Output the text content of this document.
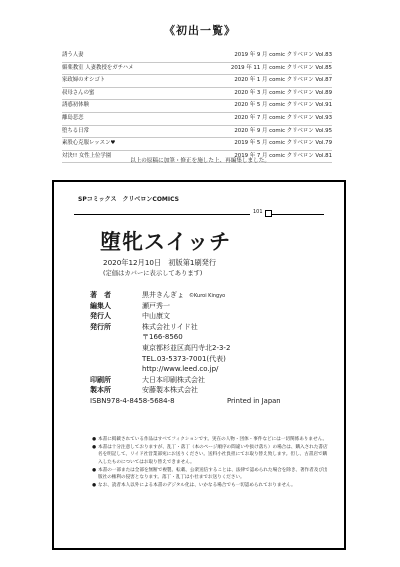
《初出一覧》
誘う人妻	2019 年 9 月 comic クリベロン Vol.83
媚薬教室 人妻教授をガチハメ	2019 年 11 月 comic クリベロン Vol.85
家政婦のオシゴト	2020 年 1 月 comic クリベロン Vol.87
叔母さんの蜜	2020 年 3 月 comic クリベロン Vol.89
誘惑初体験	2020 年 5 月 comic クリベロン Vol.91
離島悲恋	2020 年 7 月 comic クリベロン Vol.93
堕ちる日常	2020 年 9 月 comic クリベロン Vol.95
素股心克服レッスン♥	2019 年 5 月 comic クリベロン Vol.79
対決!! 女性上位学園	2019 年 7 月 comic クリベロン Vol.81
以上の原稿に加筆・修正を施した上、再編集しました。
SPコミックス　クリベロンCOMICS
101
堕牝スイッチ
2020年12月10日　初版第1刷発行
(定価はカバーに表示してあります)
著　者	黒井きんぎょ ©Kuroi Kingyo
編集人	瀬戸秀一
発行人	中山康文
発行所	株式会社リイド社
〒166-8560
東京都杉並区高円寺北2-3-2
TEL.03-5373-7001(代表)
http://www.leed.co.jp/
印刷所	大日本印刷株式会社
製本所	安藤製本株式会社
ISBN978-4-8458-5684-8	Printed in Japan
● 本書に掲載されている作品はすべてフィクションです。実在の人物・団体・事件などには一切関係ありません。
● 本書は十分注意しておりますが、乱丁・落丁（本のページ順序の間違いや抜け落ち）の場合は、購入された書店名を明記して、リイド社営業部宛にお送りください。送料小社負担にてお取り替え致します。但し、古書店で購入したものについてはお取り替えできません。
● 本書の一部または全部を無断で複製、転載、公衆送信することは、法律で認められた場合を除き、著作者及び出版社の権利の侵害となります。落丁・乱丁は小社までお送りください。
● なお、読者本人以外による本書のデジタル化は、いかなる場合でも一切認められておりません。
